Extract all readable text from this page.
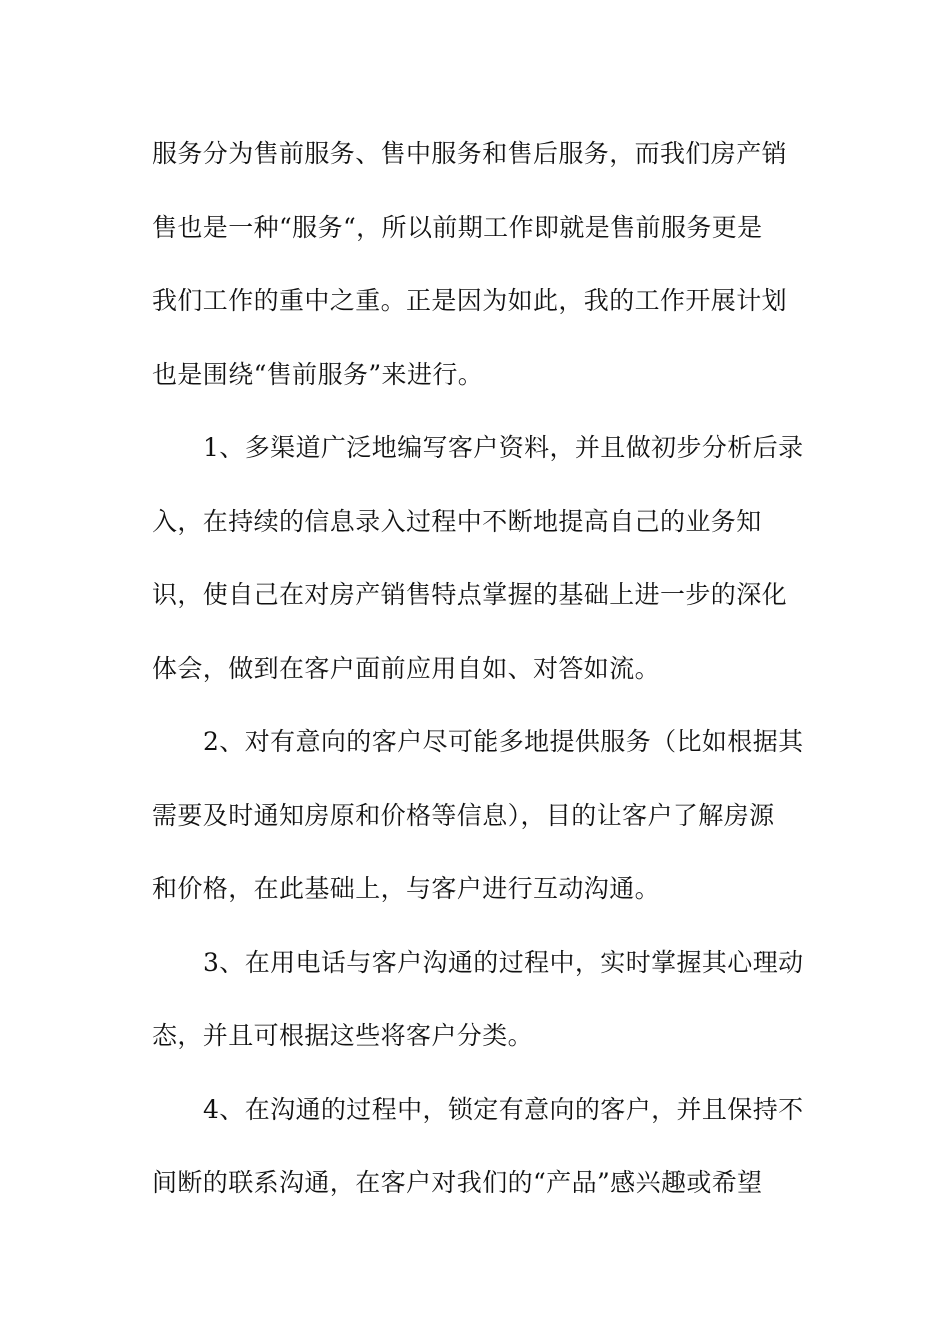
服务分为售前服务、售中服务和售后服务，而我们房产销
售也是一种“服务“，所以前期工作即就是售前服务更是
我们工作的重中之重。正是因为如此，我的工作开展计划
也是围绕“售前服务”来进行。
1、多渠道广泛地编写客户资料，并且做初步分析后录
入，在持续的信息录入过程中不断地提高自己的业务知
识，使自己在对房产销售特点掌握的基础上进一步的深化
体会，做到在客户面前应用自如、对答如流。
2、对有意向的客户尽可能多地提供服务（比如根据其
需要及时通知房原和价格等信息），目的让客户了解房源
和价格，在此基础上，与客户进行互动沟通。
3、在用电话与客户沟通的过程中，实时掌握其心理动
态，并且可根据这些将客户分类。
4、在沟通的过程中，锁定有意向的客户，并且保持不
间断的联系沟通，在客户对我们的“产品”感兴趣或希望
